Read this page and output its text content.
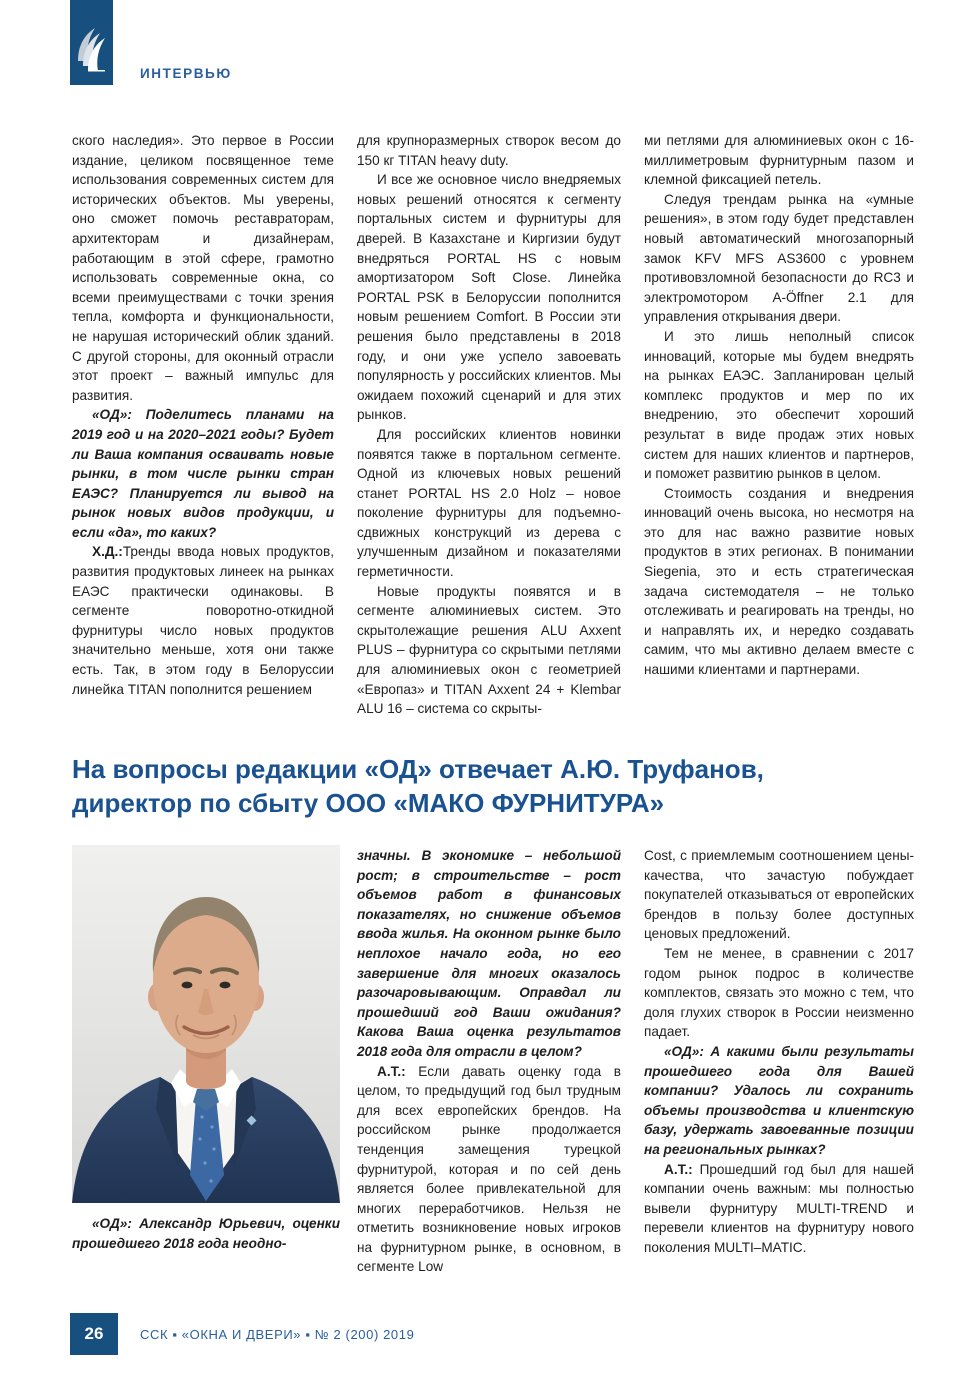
ИНТЕРВЬЮ

ского наследия». Это первое в России издание, целиком посвященное теме использования современных систем для исторических объектов. Мы уверены, оно сможет помочь реставраторам, архитекторам и дизайнерам, работающим в этой сфере, грамотно использовать современные окна, со всеми преимуществами с точки зрения тепла, комфорта и функциональности, не нарушая исторический облик зданий. С другой стороны, для оконный отрасли этот проект – важный импульс для развития.

«ОД»: Поделитесь планами на 2019 год и на 2020–2021 годы? Будет ли Ваша компания осваивать новые рынки, в том числе рынки стран ЕАЭС? Планируется ли вывод на рынок новых видов продукции, и если «да», то каких?

Х.Д.:Тренды ввода новых продуктов, развития продуктовых линеек на рынках ЕАЭС практически одинаковы. В сегменте поворотно-откидной фурнитуры число новых продуктов значительно меньше, хотя они также есть. Так, в этом году в Белоруссии линейка TITAN пополнится решением

для крупноразмерных створок весом до 150 кг TITAN heavy duty.

И все же основное число внедряемых новых решений относятся к сегменту портальных систем и фурнитуры для дверей. В Казахстане и Киргизии будут внедряться PORTAL HS с новым амортизатором Soft Close. Линейка PORTAL PSK в Белоруссии пополнится новым решением Comfort. В России эти решения было представлены в 2018 году, и они уже успело завоевать популярность у российских клиентов. Мы ожидаем похожий сценарий и для этих рынков.

Для российских клиентов новинки появятся также в портальном сегменте. Одной из ключевых новых решений станет PORTAL HS 2.0 Holz – новое поколение фурнитуры для подъемно-сдвижных конструкций из дерева с улучшенным дизайном и показателями герметичности.

Новые продукты появятся и в сегменте алюминиевых систем. Это скрытолежащие решения ALU Axxent PLUS – фурнитура со скрытыми петлями для алюминиевых окон с геометрией «Европаз» и TITAN Axxent 24 + Klembar ALU 16 – система со скрыты-

ми петлями для алюминиевых окон с 16-миллиметровым фурнитурным пазом и клемной фиксацией петель.

Следуя трендам рынка на «умные решения», в этом году будет представлен новый автоматический многозапорный замок KFV MFS AS3600 с уровнем противовзломной безопасности до RC3 и электромотором A-Öffner 2.1 для управления открывания двери.

И это лишь неполный список инноваций, которые мы будем внедрять на рынках ЕАЭС. Запланирован целый комплекс продуктов и мер по их внедрению, это обеспечит хороший результат в виде продаж этих новых систем для наших клиентов и партнеров, и поможет развитию рынков в целом.

Стоимость создания и внедрения инноваций очень высока, но несмотря на это для нас важно развитие новых продуктов в этих регионах. В понимании Siegenia, это и есть стратегическая задача системодателя – не только отслеживать и реагировать на тренды, но и направлять их, и нередко создавать самим, что мы активно делаем вместе с нашими клиентами и партнерами.

На вопросы редакции «ОД» отвечает А.Ю. Труфанов,
директор по сбыту ООО «МАКО ФУРНИТУРА»

«ОД»: Александр Юрьевич, оценки прошедшего 2018 года неодно-

значны. В экономике – небольшой рост; в строительстве – рост объемов работ в финансовых показателях, но снижение объемов ввода жилья. На оконном рынке было неплохое начало года, но его завершение для многих оказалось разочаровывающим. Оправдал ли прошедший год Ваши ожидания? Какова Ваша оценка результатов 2018 года для отрасли в целом?

А.Т.: Если давать оценку года в целом, то предыдущий год был трудным для всех европейских брендов. На российском рынке продолжается тенденция замещения турецкой фурнитурой, которая и по сей день является более привлекательной для многих переработчиков. Нельзя не отметить возникновение новых игроков на фурнитурном рынке, в основном, в сегменте Low

Cost, с приемлемым соотношением цены-качества, что зачастую побуждает покупателей отказываться от европейских брендов в пользу более доступных ценовых предложений.

Тем не менее, в сравнении с 2017 годом рынок подрос в количестве комплектов, связать это можно с тем, что доля глухих створок в России неизменно падает.

«ОД»: А какими были результаты прошедшего года для Вашей компании? Удалось ли сохранить объемы производства и клиентскую базу, удержать завоеванные позиции на региональных рынках?

А.Т.: Прошедший год был для нашей компании очень важным: мы полностью вывели фурнитуру MULTI-TREND и перевели клиентов на фурнитуру нового поколения MULTI–MATIC.

26	ССК ▪ «ОКНА И ДВЕРИ» ▪ № 2 (200) 2019
